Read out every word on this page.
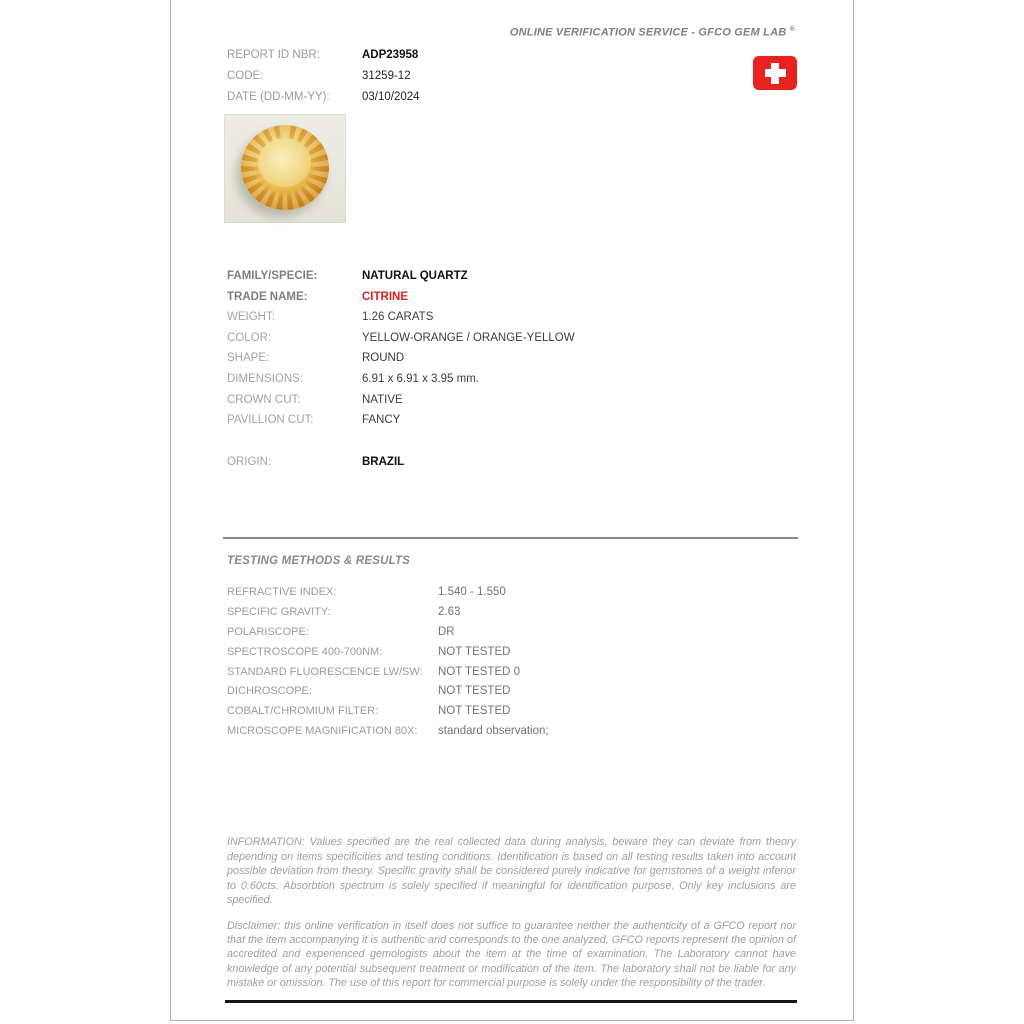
ONLINE VERIFICATION SERVICE - GFCO GEM LAB ®
REPORT ID NBR:	ADP23958
CODE:	31259-12
DATE (DD-MM-YY):	03/10/2024
FAMILY/SPECIE:	NATURAL QUARTZ
TRADE NAME:	CITRINE
WEIGHT:	1.26 CARATS
COLOR:	YELLOW-ORANGE / ORANGE-YELLOW
SHAPE:	ROUND
DIMENSIONS:	6.91 x 6.91 x 3.95 mm.
CROWN CUT:	NATIVE
PAVILLION CUT:	FANCY
ORIGIN:	BRAZIL
TESTING METHODS & RESULTS
REFRACTIVE INDEX:	1.540 - 1.550
SPECIFIC GRAVITY:	2.63
POLARISCOPE:	DR
SPECTROSCOPE 400-700NM:	NOT TESTED
STANDARD FLUORESCENCE LW/SW:	NOT TESTED 0
DICHROSCOPE:	NOT TESTED
COBALT/CHROMIUM FILTER:	NOT TESTED
MICROSCOPE MAGNIFICATION 80X:	standard observation;
INFORMATION: Values specified are the real collected data during analysis, beware they can deviate from theory depending on items specificities and testing conditions. Identification is based on all testing results taken into account possible deviation from theory. Specific gravity shall be considered purely indicative for gemstones of a weight inferior to 0.60cts. Absorbtion spectrum is solely specified if meaningful for identification purpose. Only key inclusions are specified.
Disclaimer: this online verification in itself does not suffice to guarantee neither the authenticity of a GFCO report nor that the item accompanying it is authentic and corresponds to the one analyzed. GFCO reports represent the opinion of accredited and experienced gemologists about the item at the time of examination. The Laboratory cannot have knowledge of any potential subsequent treatment or modification of the item. The laboratory shall not be liable for any mistake or omission. The use of this report for commercial purpose is solely under the responsibility of the trader.
